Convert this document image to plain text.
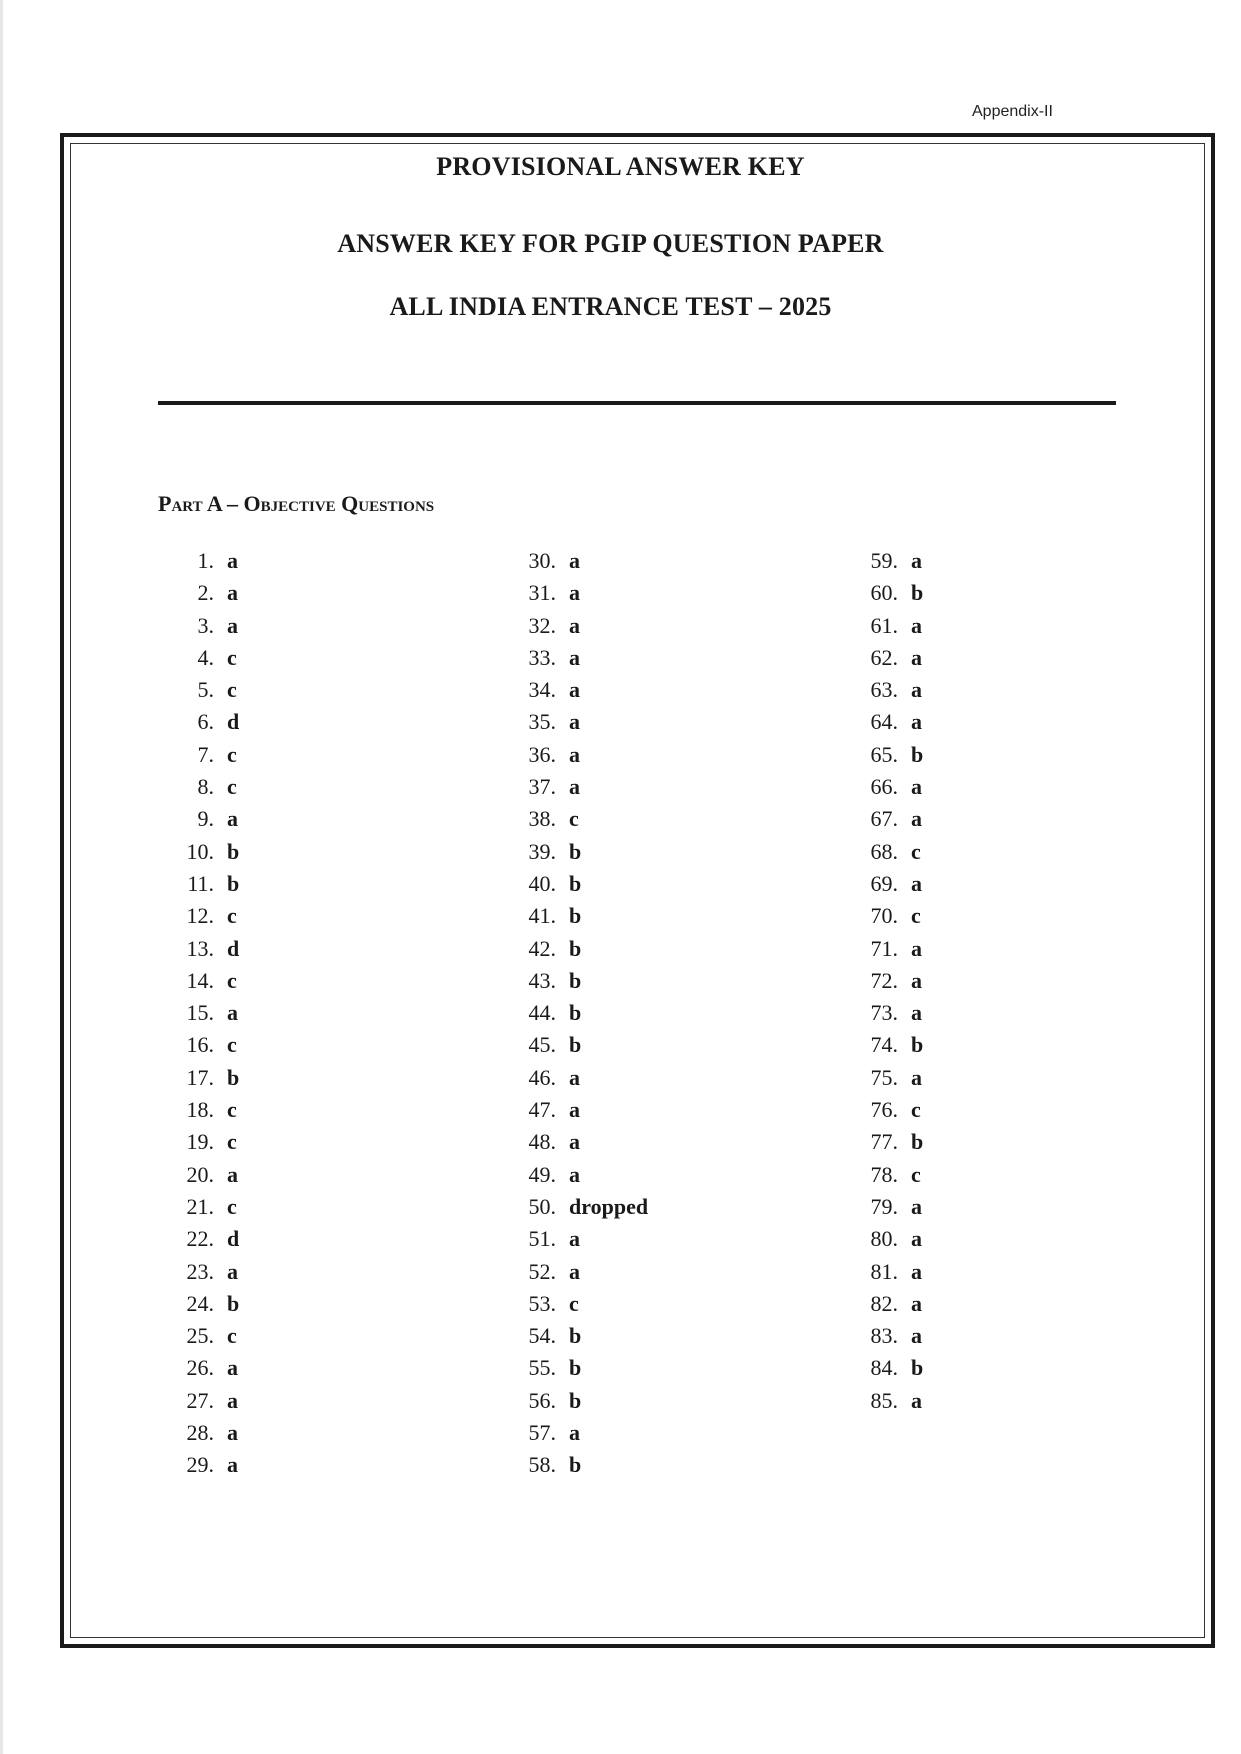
Appendix-II
PROVISIONAL ANSWER KEY
ANSWER KEY FOR PGIP QUESTION PAPER
ALL INDIA ENTRANCE TEST – 2025
Part A – Objective Questions
1. a
2. a
3. a
4. c
5. c
6. d
7. c
8. c
9. a
10. b
11. b
12. c
13. d
14. c
15. a
16. c
17. b
18. c
19. c
20. a
21. c
22. d
23. a
24. b
25. c
26. a
27. a
28. a
29. a
30. a
31. a
32. a
33. a
34. a
35. a
36. a
37. a
38. c
39. b
40. b
41. b
42. b
43. b
44. b
45. b
46. a
47. a
48. a
49. a
50. dropped
51. a
52. a
53. c
54. b
55. b
56. b
57. a
58. b
59. a
60. b
61. a
62. a
63. a
64. a
65. b
66. a
67. a
68. c
69. a
70. c
71. a
72. a
73. a
74. b
75. a
76. c
77. b
78. c
79. a
80. a
81. a
82. a
83. a
84. b
85. a
